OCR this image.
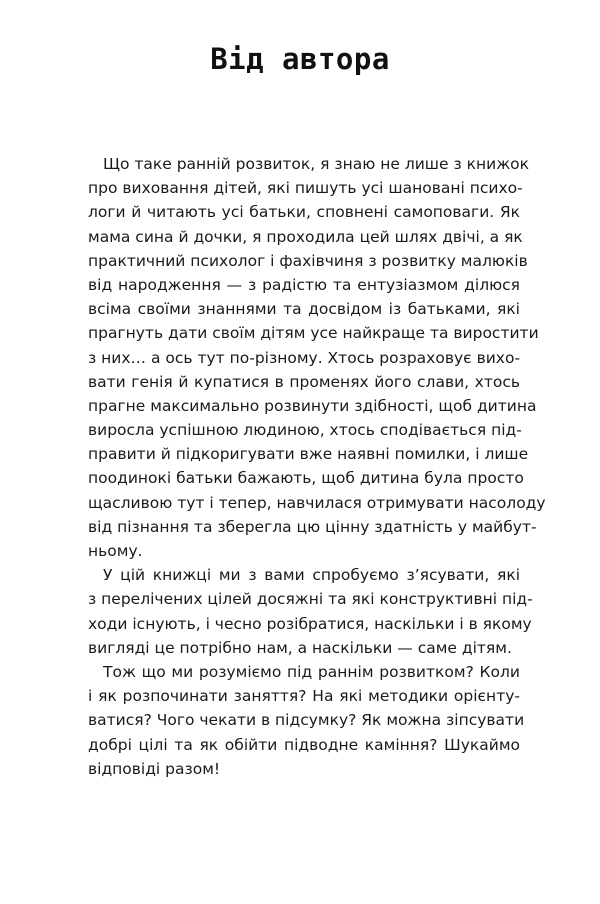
Від автора
Що таке ранній розвиток, я знаю не лише з книжок
про виховання дітей, які пишуть усі шановані психо-
логи й читають усі батьки, сповнені самоповаги. Як
мама сина й дочки, я проходила цей шлях двічі, а як
практичний психолог і фахівчиня з розвитку малюків
від народження — з радістю та ентузіазмом ділюся
всіма своїми знаннями та досвідом із батьками, які
прагнуть дати своїм дітям усе найкраще та виростити
з них… а ось тут по-різному. Хтось розраховує вихо-
вати генія й купатися в променях його слави, хтось
прагне максимально розвинути здібності, щоб дитина
виросла успішною людиною, хтось сподівається під-
правити й підкоригувати вже наявні помилки, і лише
поодинокі батьки бажають, щоб дитина була просто
щасливою тут і тепер, навчилася отримувати насолоду
від пізнання та зберегла цю цінну здатність у майбут-
ньому.
У цій книжці ми з вами спробуємо з’ясувати, які
з перелічених цілей досяжні та які конструктивні під-
ходи існують, і чесно розібратися, наскільки і в якому
вигляді це потрібно нам, а наскільки — саме дітям.
Тож що ми розуміємо під раннім розвитком? Коли
і як розпочинати заняття? На які методики орієнту-
ватися? Чого чекати в підсумку? Як можна зіпсувати
добрі цілі та як обійти підводне каміння? Шукаймо
відповіді разом!
